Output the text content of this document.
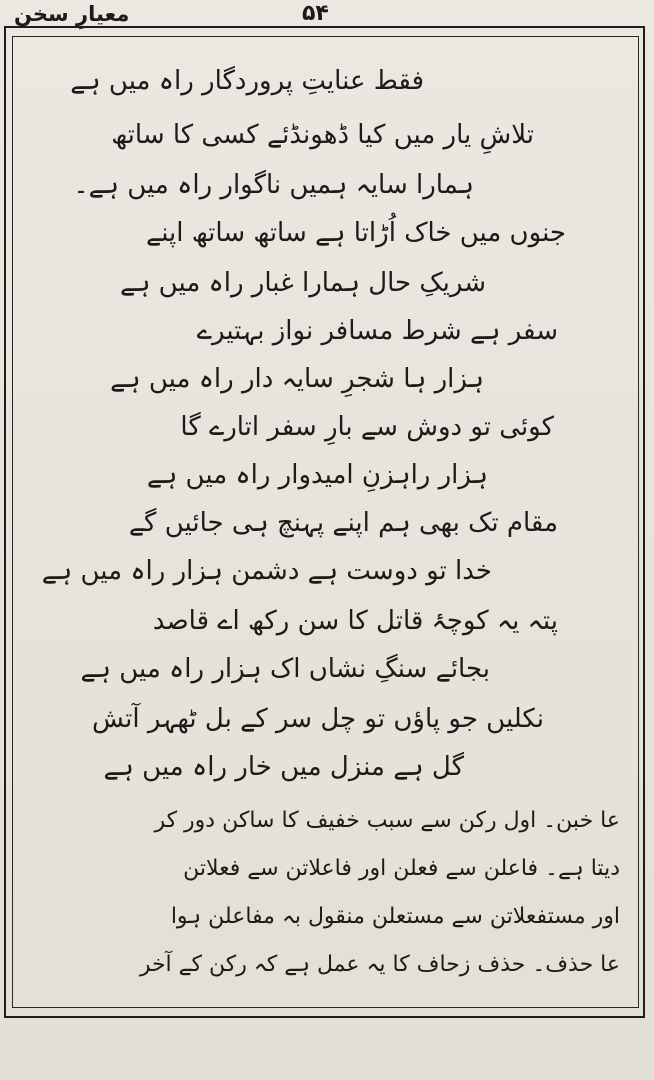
معیارِ سخن	۵۴
فقط عنایتِ پروردگار راہ میں ہے
تلاشِ یار میں کیا ڈھونڈئے کسی کا ساتھ
ہمارا سایہ ہمیں ناگوار راہ میں ہے۔
جنوں میں خاک اُڑاتا ہے ساتھ ساتھ اپنے
شریکِ حال ہمارا غبار راہ میں ہے
سفر ہے شرط مسافر نواز بہتیرے
ہزار ہا شجرِ سایہ دار راہ میں ہے
کوئی تو دوش سے بارِ سفر اتارے گا
ہزار راہزنِ امیدوار راہ میں ہے
مقام تک بھی ہم اپنے پہنچ ہی جائیں گے
خدا تو دوست ہے دشمن ہزار راہ میں ہے
پتہ یہ کوچۂ قاتل کا سن رکھ اے قاصد
بجائے سنگِ نشاں اک ہزار راہ میں ہے
نکلیں جو پاؤں تو چل سر کے بل ٹھہر آتش
گل ہے منزل میں خار راہ میں ہے
عا خبن۔ اول رکن سے سبب خفیف کا ساکن دور کر
دیتا ہے۔ فاعلن سے فعلن اور فاعلاتن سے فعلاتن
اور مستفعلاتن سے مستعلن منقول بہ مفاعلن ہوا
عا حذف۔ حذف زحاف کا یہ عمل ہے کہ رکن کے آخر
